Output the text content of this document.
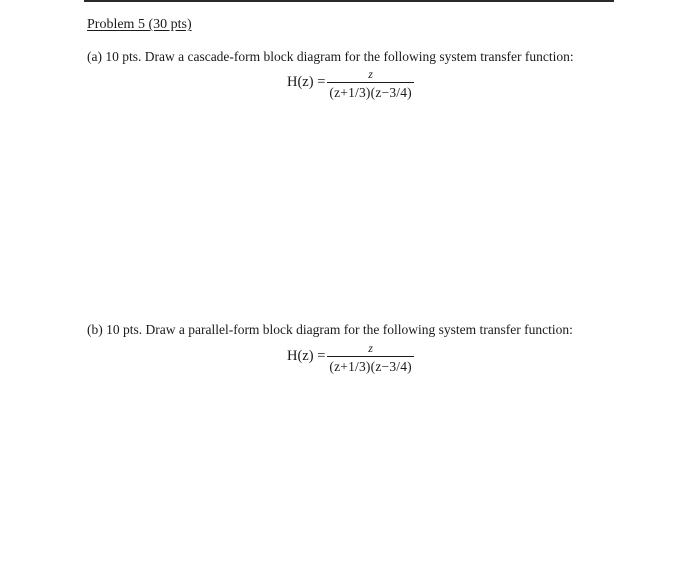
Problem 5 (30 pts)
(a) 10 pts. Draw a cascade-form block diagram for the following system transfer function:
$H(z) = \frac{z}{(z+1/3)(z-3/4)}$
(b) 10 pts. Draw a parallel-form block diagram for the following system transfer function:
$H(z) = \frac{z}{(z+1/3)(z-3/4)}$
